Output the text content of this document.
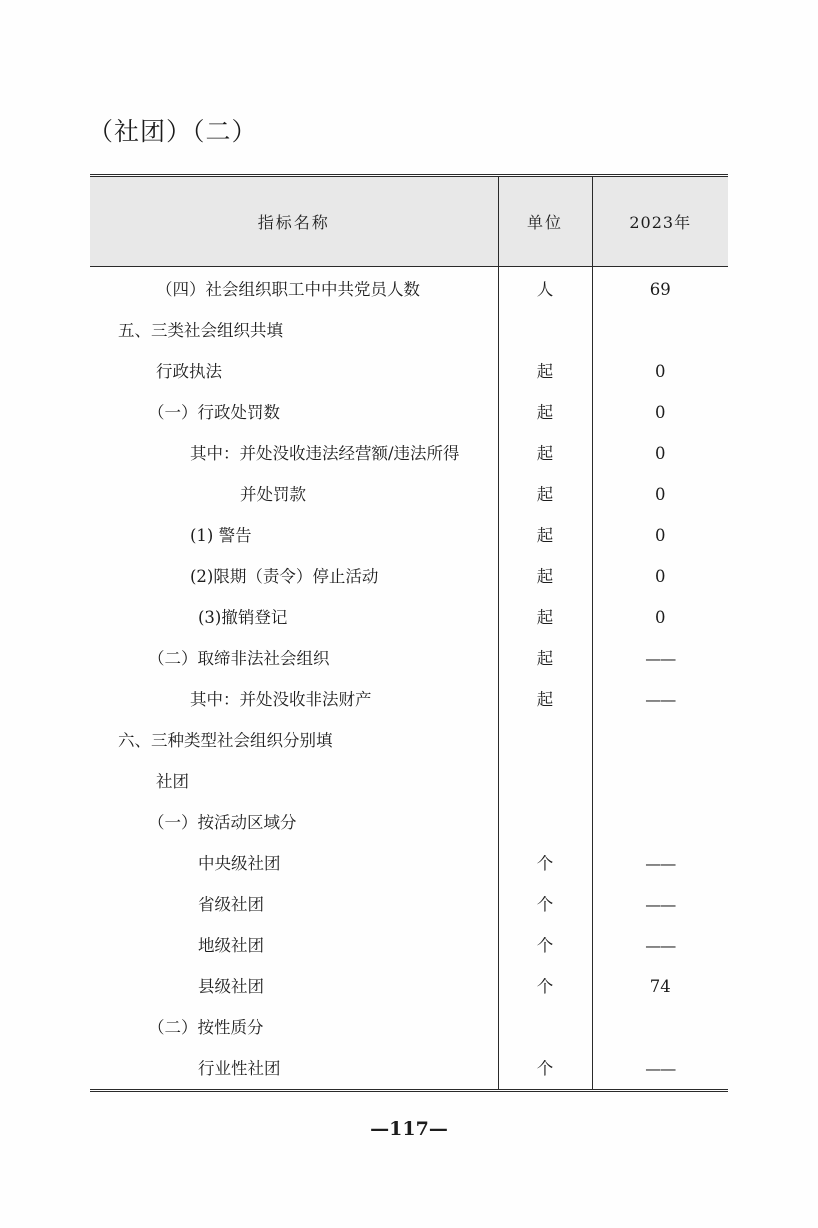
（社团）（二）
指标名称	单位	2023年
（四）社会组织职工中中共党员人数	人	69
五、三类社会组织共填		
行政执法	起	0
（一）行政处罚数	起	0
其中：并处没收违法经营额/违法所得	起	0
并处罚款	起	0
(1) 警告	起	0
(2)限期（责令）停止活动	起	0
(3)撤销登记	起	0
（二）取缔非法社会组织	起	——
其中：并处没收非法财产	起	——
六、三种类型社会组织分别填		
社团		
（一）按活动区域分		
中央级社团	个	——
省级社团	个	——
地级社团	个	——
县级社团	个	74
（二）按性质分		
行业性社团	个	——
—117—
